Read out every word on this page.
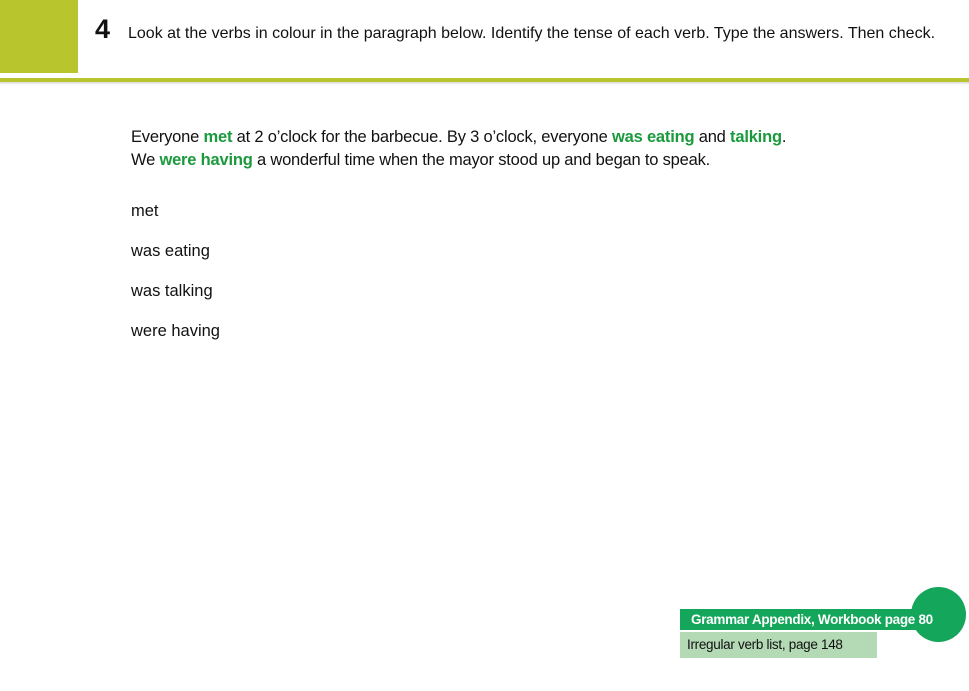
4 Look at the verbs in colour in the paragraph below. Identify the tense of each verb. Type the answers. Then check.

Everyone met at 2 o’clock for the barbecue. By 3 o’clock, everyone was eating and talking.
We were having a wonderful time when the mayor stood up and began to speak.

met
was eating
was talking
were having
Grammar Appendix, Workbook page 80
Irregular verb list, page 148
